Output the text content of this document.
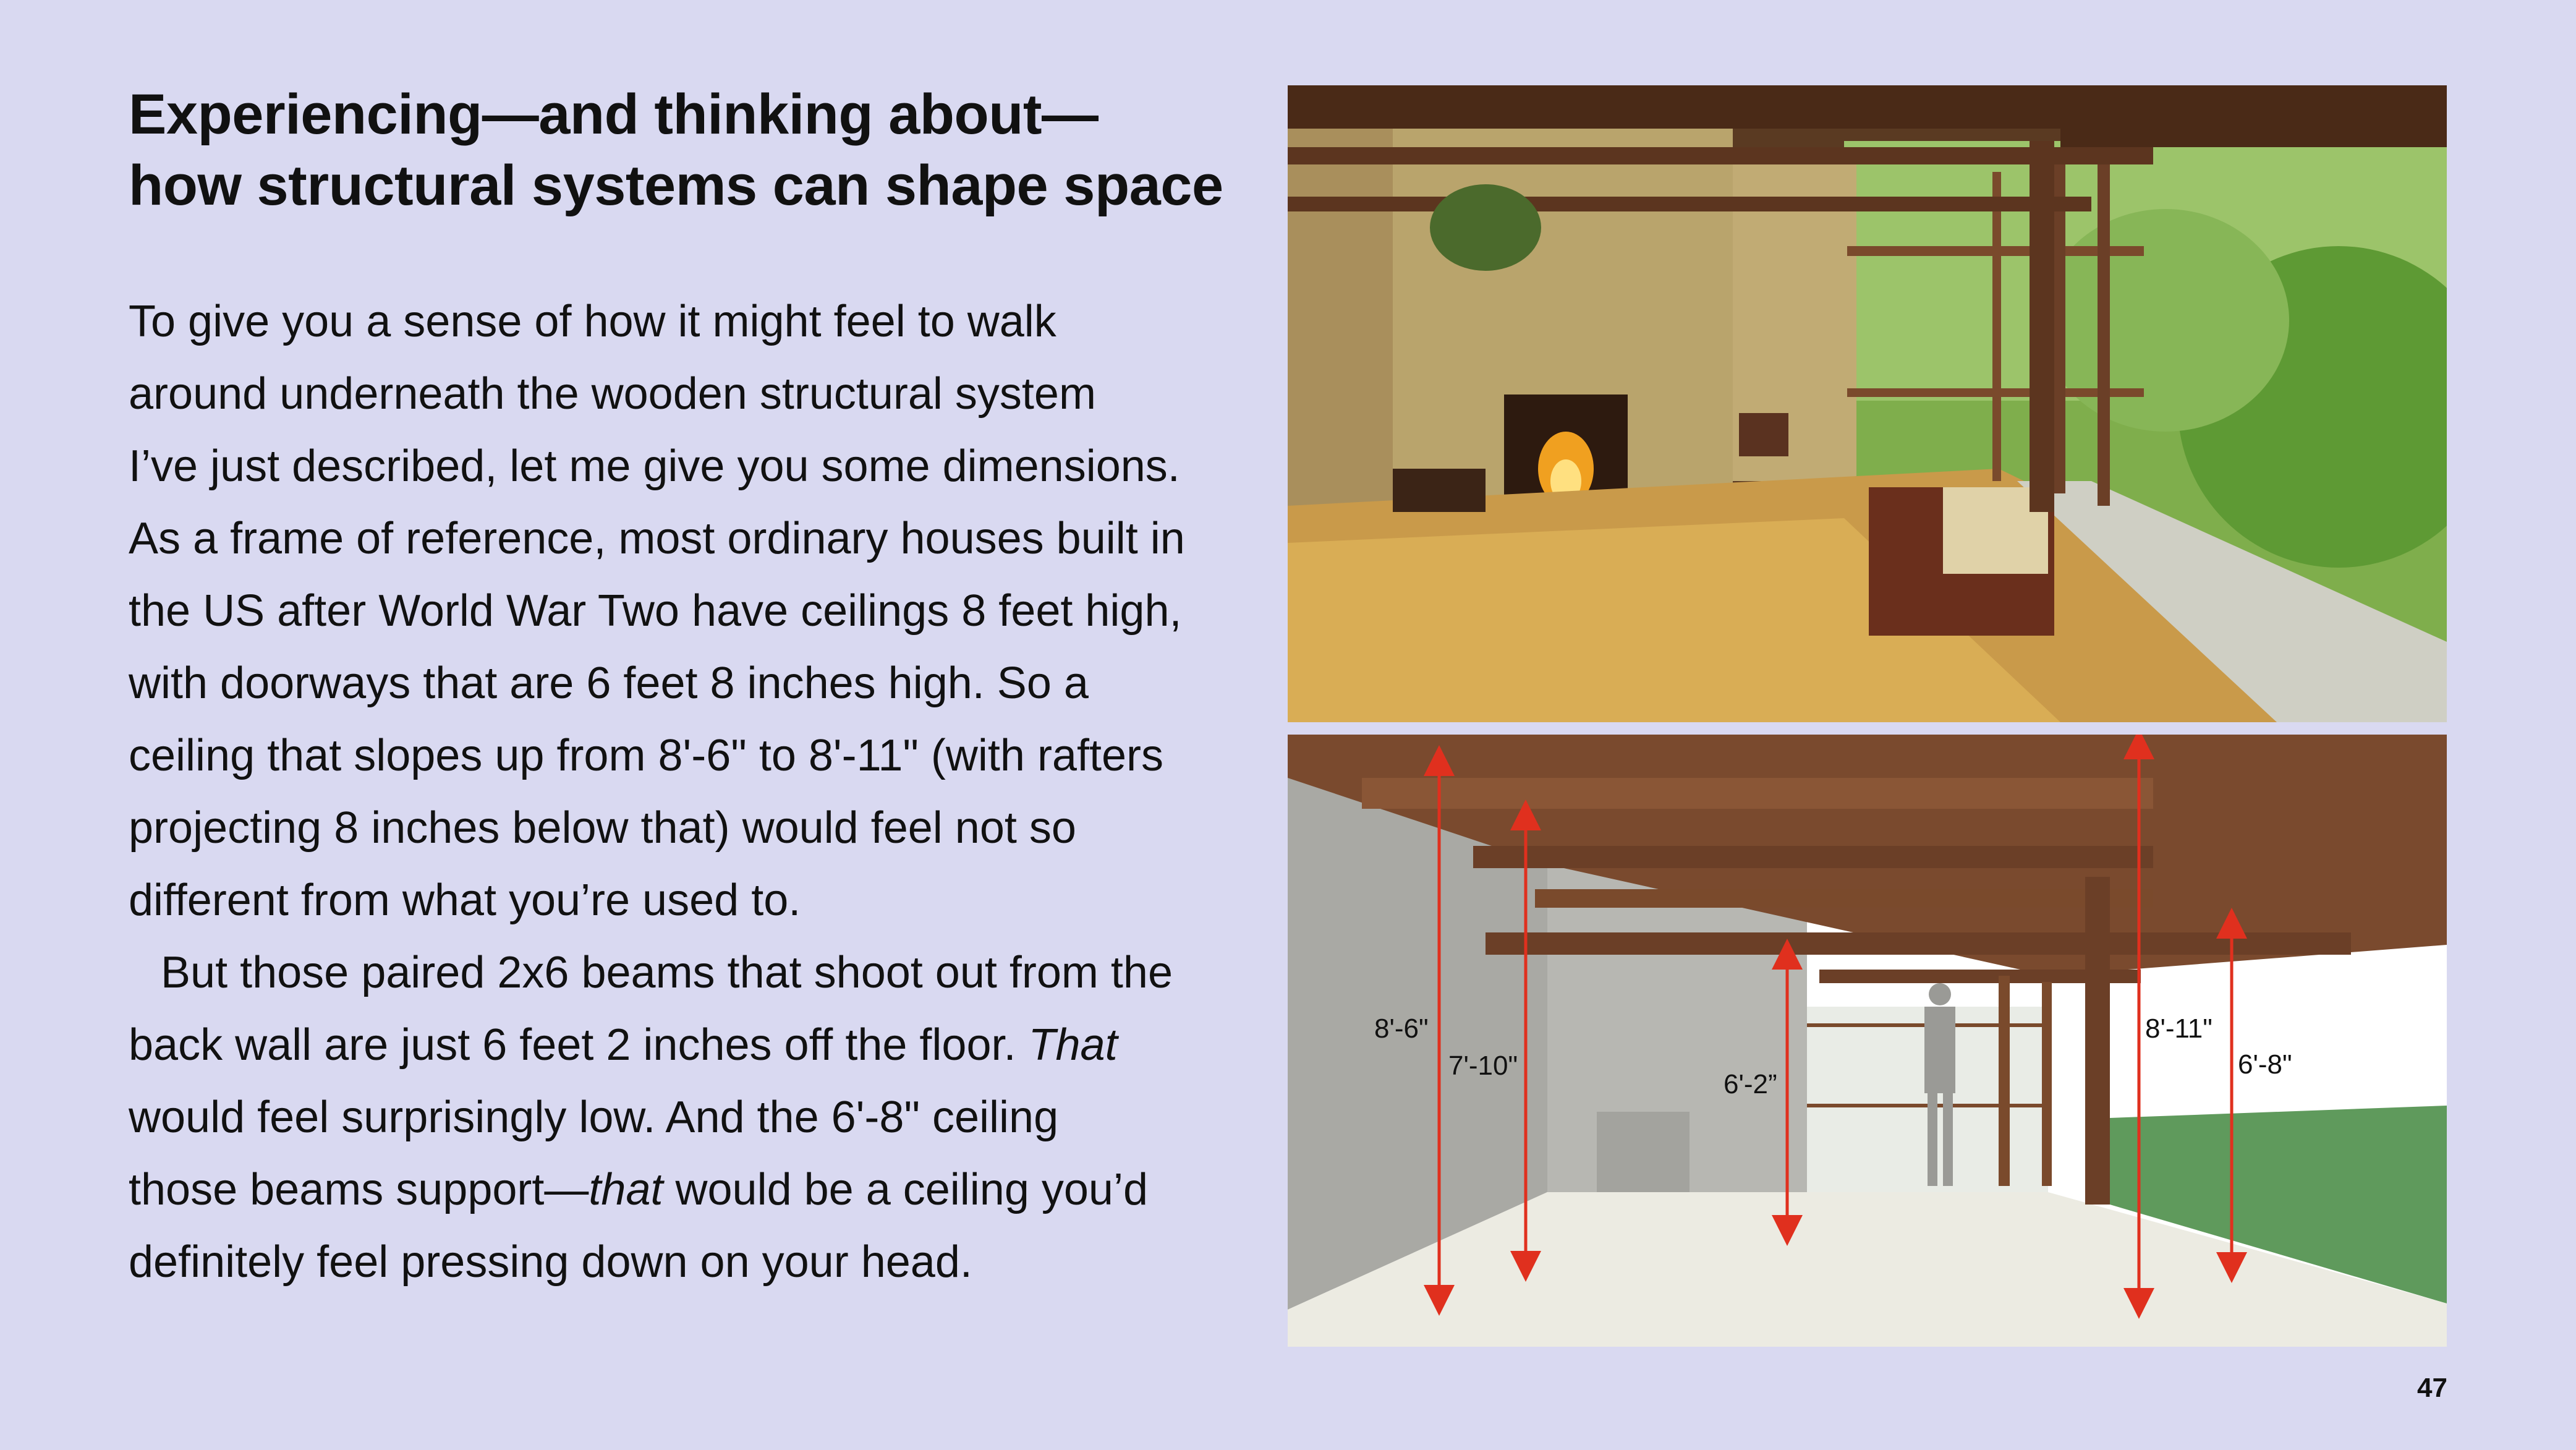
Experiencing—and thinking about—
how structural systems can shape space

To give you a sense of how it might feel to walk
around underneath the wooden structural system
I’ve just described, let me give you some dimensions.
As a frame of reference, most ordinary houses built in
the US after World War Two have ceilings 8 feet high,
with doorways that are 6 feet 8 inches high. So a
ceiling that slopes up from 8'-6" to 8'-11" (with rafters
projecting 8 inches below that) would feel not so
different from what you’re used to.
But those paired 2x6 beams that shoot out from the
back wall are just 6 feet 2 inches off the floor. That
would feel surprisingly low. And the 6'-8" ceiling
those beams support—that would be a ceiling you’d
definitely feel pressing down on your head.

8'-6"
7'-10"
6'-2”
8'-11"
6'-8"
47
